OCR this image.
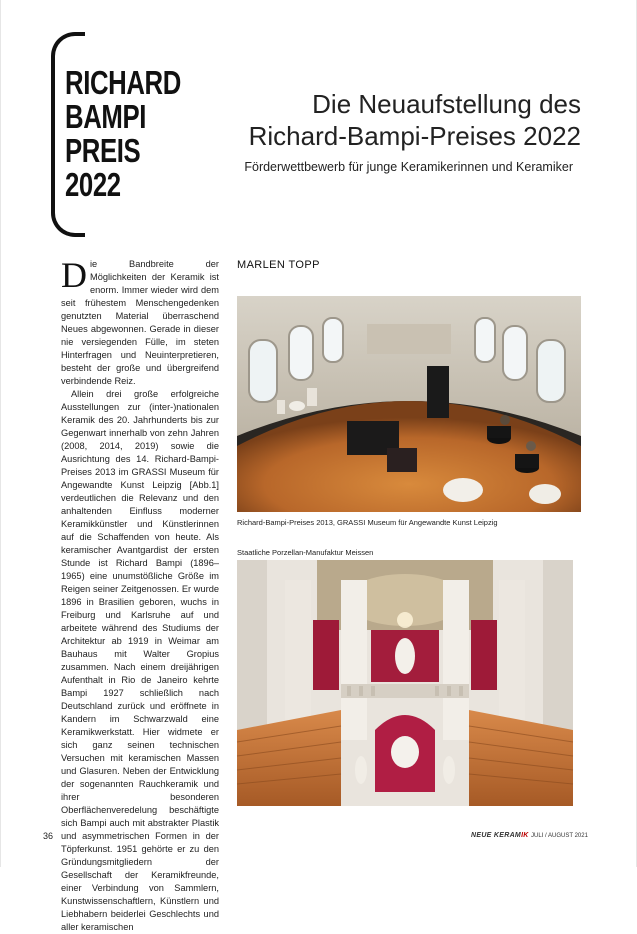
RICHARD
BAMPI
PREIS
2022
Die Neuaufstellung des
Richard-Bampi-Preises 2022
Förderwettbewerb für junge Keramikerinnen und Keramiker

Die Bandbreite der Möglichkeiten der Keramik ist enorm. Immer wieder wird dem seit frühestem Menschengedenken genutzten Material überraschend Neues abgewonnen. Gerade in dieser nie versiegenden Fülle, im steten Hinterfragen und Neuinterpretieren, besteht der große und übergreifend verbindende Reiz.

Allein drei große erfolgreiche Ausstellungen zur (inter-)nationalen Keramik des 20. Jahrhunderts bis zur Gegenwart innerhalb von zehn Jahren (2008, 2014, 2019) sowie die Ausrichtung des 14. Richard-Bampi-Preises 2013 im GRASSI Museum für Angewandte Kunst Leipzig [Abb.1] verdeutlichen die Relevanz und den anhaltenden Einfluss moderner Keramikkünstler und Künstlerinnen auf die Schaffenden von heute. Als keramischer Avantgardist der ersten Stunde ist Richard Bampi (1896–1965) eine unumstößliche Größe im Reigen seiner Zeitgenossen. Er wurde 1896 in Brasilien geboren, wuchs in Freiburg und Karlsruhe auf und arbeitete während des Studiums der Architektur ab 1919 in Weimar am Bauhaus mit Walter Gropius zusammen. Nach einem dreijährigen Aufenthalt in Rio de Janeiro kehrte Bampi 1927 schließlich nach Deutschland zurück und eröffnete in Kandern im Schwarzwald eine Keramikwerkstatt. Hier widmete er sich ganz seinen technischen Versuchen mit keramischen Massen und Glasuren. Neben der Entwicklung der sogenannten Rauchkeramik und ihrer besonderen Oberflächenveredelung beschäftigte sich Bampi auch mit abstrakter Plastik und asymmetrischen Formen in der Töpferkunst. 1951 gehörte er zu den Gründungsmitgliedern der Gesellschaft der Keramikfreunde, einer Verbindung von Sammlern, Kunstwissenschaftlern, Künstlern und Liebhabern beiderlei Geschlechts und aller keramischen

MARLEN TOPP
Richard-Bampi-Preises 2013, GRASSI Museum für Angewandte Kunst Leipzig
Staatliche Porzellan-Manufaktur Meissen
36	NEUE KERAMIK JULI / AUGUST 2021
